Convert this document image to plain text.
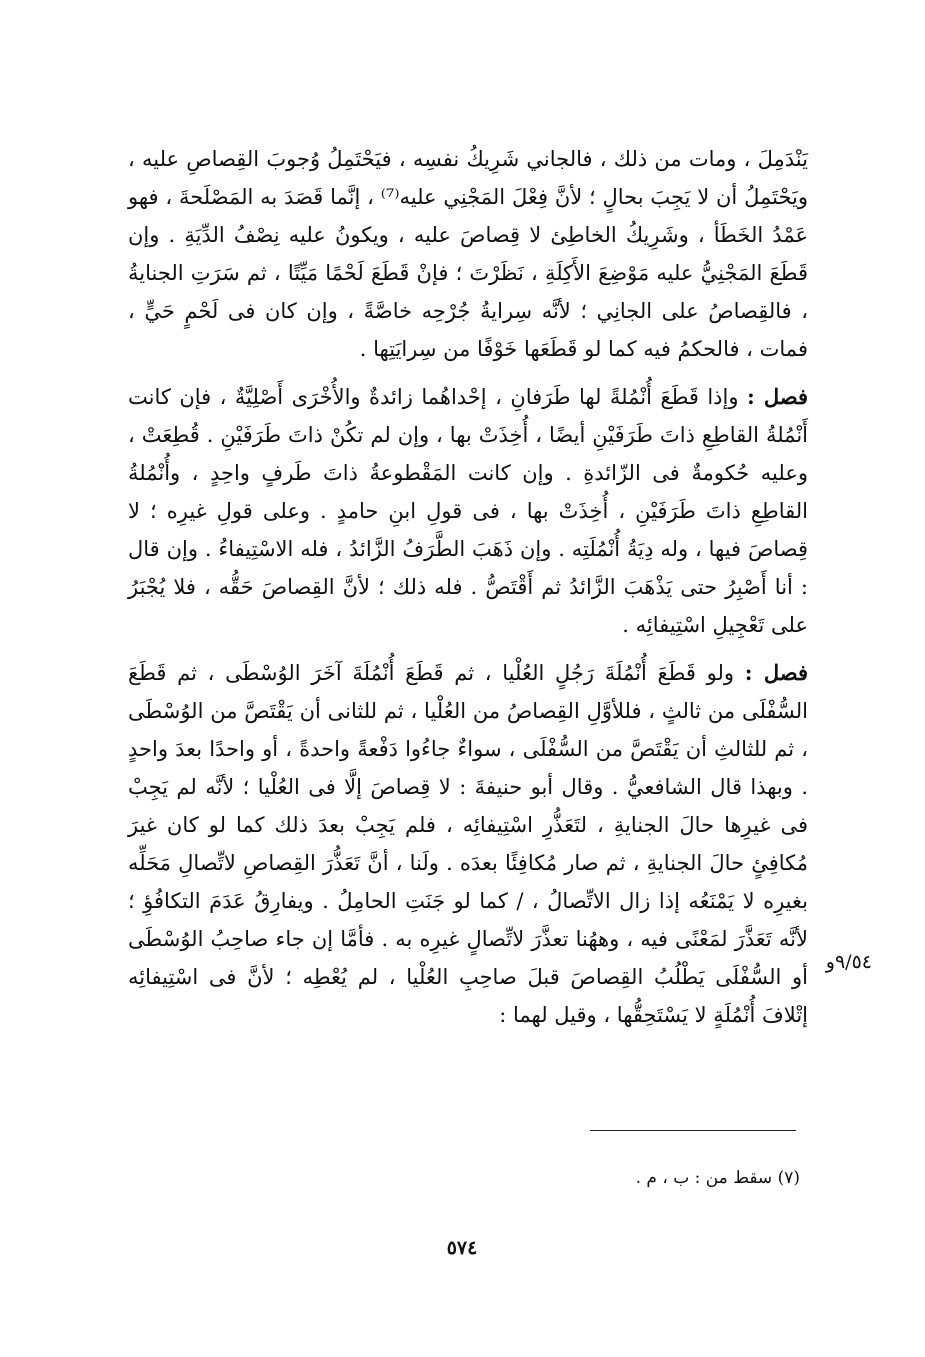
يَنْدَمِلَ ، ومات من ذلك ، فالجاني شَرِيكُ نفسِه ، فيَحْتَمِلُ وُجوبَ القِصاصِ عليه ، ويَحْتَمِلُ أن لا يَجِبَ بحالٍ ؛ لأنَّ فِعْلَ المَجْنِي عليه⁽⁷⁾ ، إنَّما قَصَدَ به المَصْلَحةَ ، فهو عَمْدُ الخَطَأ ، وشَرِيكُ الخاطِئ لا قِصاصَ عليه ، ويكونُ عليه نِصْفُ الدِّيَةِ . وإن قَطَعَ المَجْنِيُّ عليه مَوْضِعَ الأَكِلَةِ ، نَظَرْتَ ؛ فإنْ قَطَعَ لَحْمًا مَيِّتًا ، ثم سَرَتِ الجنايةُ ، فالقِصاصُ على الجانِي ؛ لأنَّه سِرايةُ جُرْحِه خاصَّةً ، وإن كان فى لَحْمٍ حَيٍّ ، فمات ، فالحكمُ فيه كما لو قَطَعَها خَوْفًا من سِرايَتِها .

فصل : وإذا قَطَعَ أُنْمُلةً لها طَرَفانِ ، إحْداهُما زائدةٌ والأُخْرَى أَصْلِيَّةٌ ، فإن كانت أَنْمُلةُ القاطِعِ ذاتَ طَرَفَيْنِ أيضًا ، أُخِذَتْ بها ، وإن لم تكُنْ ذاتَ طَرَفَيْنِ . قُطِعَتْ ، وعليه حُكومةٌ فى الزّائدةِ . وإن كانت المَقْطوعةُ ذاتَ طَرفٍ واحِدٍ ، وأُنْمُلةُ القاطِعِ ذاتَ طَرَفَيْنِ ، أُخِذَتْ بها ، فى قولِ ابنِ حامدٍ . وعلى قولِ غيرِه ؛ لا قِصاصَ فيها ، وله دِيَةُ أُنْمُلَتِه . وإن ذَهَبَ الطَّرَفُ الزَّائدُ ، فله الاسْتِيفاءُ . وإن قال : أنا أَصْبِرُ حتى يَذْهَبَ الزَّائدُ ثم أَقْتَصُّ . فله ذلك ؛ لأنَّ القِصاصَ حَقُّه ، فلا يُجْبَرُ على تَعْجِيلِ اسْتِيفائِه .

فصل : ولو قَطَعَ أُنْمُلَةَ رَجُلٍ العُلْيا ، ثم قَطَعَ أُنْمُلَةَ آخَرَ الوُسْطَى ، ثم قَطَعَ السُّفْلَى من ثالثٍ ، فللأوَّلِ القِصاصُ من العُلْيا ، ثم للثانى أن يَقْتَصَّ من الوُسْطَى ، ثم للثالثِ أن يَقْتَصَّ من السُّفْلَى ، سواءٌ جاءُوا دَفْعةً واحدةً ، أو واحدًا بعدَ واحدٍ . وبهذا قال الشافعيُّ . وقال أبو حنيفةَ : لا قِصاصَ إلَّا فى العُلْيا ؛ لأنَّه لم يَجِبْ فى غيرِها حالَ الجنايةِ ، لتَعَذُّرِ اسْتِيفائِه ، فلم يَجِبْ بعدَ ذلك كما لو كان غيرَ مُكافِئٍ حالَ الجنايةِ ، ثم صار مُكافِئًا بعدَه . ولَنا ، أنَّ تَعَذُّرَ القِصاصِ لاتِّصالِ مَحَلِّه بغيرِه لا يَمْنَعُه إذا زال الاتِّصالُ ، / كما لو جَنَتِ الحامِلُ . ويفارِقُ عَدَمَ التكافُؤِ ؛ لأنَّه تَعَذَّرَ لمَعْنًى فيه ، وههُنا تعذَّرَ لاتِّصالٍ غيرِه به . فأمَّا إن جاء صاحِبُ الوُسْطَى أو السُّفْلَى يَطْلُبُ القِصاصَ قبلَ صاحِبِ العُلْيا ، لم يُعْطِه ؛ لأنَّ فى اسْتِيفائِه إتْلافَ أُنْمُلَةٍ لا يَسْتَحِقُّها ، وقيل لهما :

٩/٥٤و
(٧) سقط من : ب ، م .
٥٧٤
